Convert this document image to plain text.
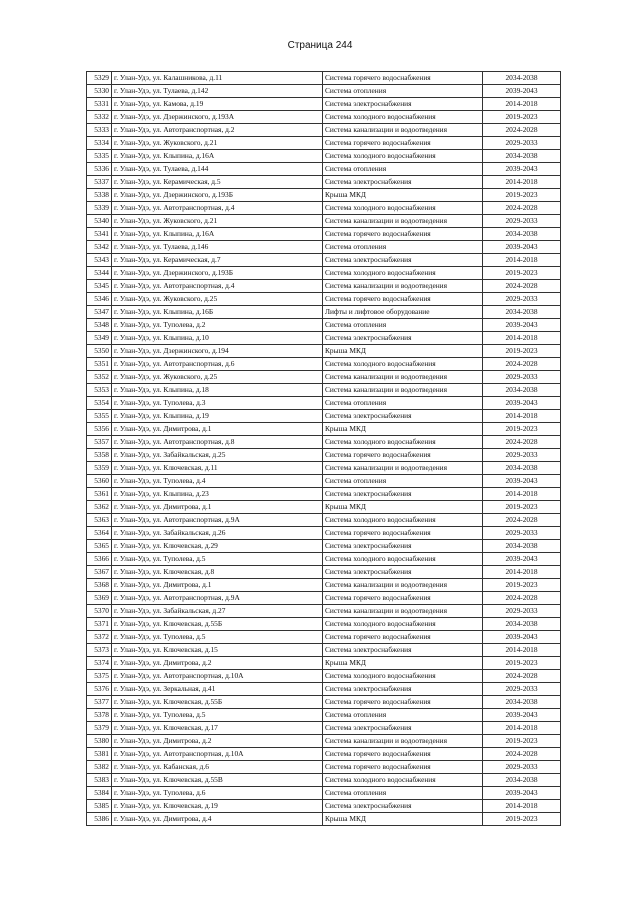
Страница 244
5329	г. Улан-Удэ, ул. Калашникова, д.11	Система горячего водоснабжения	2034-2038
5330	г. Улан-Удэ, ул. Тулаева, д.142	Система отопления	2039-2043
5331	г. Улан-Удэ, ул. Камова, д.19	Система электроснабжения	2014-2018
5332	г. Улан-Удэ, ул. Дзержинского, д.193А	Система холодного водоснабжения	2019-2023
5333	г. Улан-Удэ, ул. Автотранспортная, д.2	Система канализации и водоотведения	2024-2028
5334	г. Улан-Удэ, ул. Жуковского, д.21	Система горячего водоснабжения	2029-2033
5335	г. Улан-Удэ, ул. Клыпина, д.16А	Система холодного водоснабжения	2034-2038
5336	г. Улан-Удэ, ул. Тулаева, д.144	Система отопления	2039-2043
5337	г. Улан-Удэ, ул. Керамическая, д.5	Система электроснабжения	2014-2018
5338	г. Улан-Удэ, ул. Дзержинского, д.193Б	Крыша МКД	2019-2023
5339	г. Улан-Удэ, ул. Автотранспортная, д.4	Система холодного водоснабжения	2024-2028
5340	г. Улан-Удэ, ул. Жуковского, д.21	Система канализации и водоотведения	2029-2033
5341	г. Улан-Удэ, ул. Клыпина, д.16А	Система горячего водоснабжения	2034-2038
5342	г. Улан-Удэ, ул. Тулаева, д.146	Система отопления	2039-2043
5343	г. Улан-Удэ, ул. Керамическая, д.7	Система электроснабжения	2014-2018
5344	г. Улан-Удэ, ул. Дзержинского, д.193Б	Система холодного водоснабжения	2019-2023
5345	г. Улан-Удэ, ул. Автотранспортная, д.4	Система канализации и водоотведения	2024-2028
5346	г. Улан-Удэ, ул. Жуковского, д.25	Система горячего водоснабжения	2029-2033
5347	г. Улан-Удэ, ул. Клыпина, д.16Б	Лифты и лифтовое оборудование	2034-2038
5348	г. Улан-Удэ, ул. Туполева, д.2	Система отопления	2039-2043
5349	г. Улан-Удэ, ул. Клыпина, д.10	Система электроснабжения	2014-2018
5350	г. Улан-Удэ, ул. Дзержинского, д.194	Крыша МКД	2019-2023
5351	г. Улан-Удэ, ул. Автотранспортная, д.6	Система холодного водоснабжения	2024-2028
5352	г. Улан-Удэ, ул. Жуковского, д.25	Система канализации и водоотведения	2029-2033
5353	г. Улан-Удэ, ул. Клыпина, д.18	Система канализации и водоотведения	2034-2038
5354	г. Улан-Удэ, ул. Туполева, д.3	Система отопления	2039-2043
5355	г. Улан-Удэ, ул. Клыпина, д.19	Система электроснабжения	2014-2018
5356	г. Улан-Удэ, ул. Димитрова, д.1	Крыша МКД	2019-2023
5357	г. Улан-Удэ, ул. Автотранспортная, д.8	Система холодного водоснабжения	2024-2028
5358	г. Улан-Удэ, ул. Забайкальская, д.25	Система горячего водоснабжения	2029-2033
5359	г. Улан-Удэ, ул. Ключевская, д.11	Система канализации и водоотведения	2034-2038
5360	г. Улан-Удэ, ул. Туполева, д.4	Система отопления	2039-2043
5361	г. Улан-Удэ, ул. Клыпина, д.23	Система электроснабжения	2014-2018
5362	г. Улан-Удэ, ул. Димитрова, д.1	Крыша МКД	2019-2023
5363	г. Улан-Удэ, ул. Автотранспортная, д.9А	Система холодного водоснабжения	2024-2028
5364	г. Улан-Удэ, ул. Забайкальская, д.26	Система горячего водоснабжения	2029-2033
5365	г. Улан-Удэ, ул. Ключевская, д.29	Система электроснабжения	2034-2038
5366	г. Улан-Удэ, ул. Туполева, д.5	Система холодного водоснабжения	2039-2043
5367	г. Улан-Удэ, ул. Ключевская, д.8	Система электроснабжения	2014-2018
5368	г. Улан-Удэ, ул. Димитрова, д.1	Система канализации и водоотведения	2019-2023
5369	г. Улан-Удэ, ул. Автотранспортная, д.9А	Система горячего водоснабжения	2024-2028
5370	г. Улан-Удэ, ул. Забайкальская, д.27	Система канализации и водоотведения	2029-2033
5371	г. Улан-Удэ, ул. Ключевская, д.55Б	Система холодного водоснабжения	2034-2038
5372	г. Улан-Удэ, ул. Туполева, д.5	Система горячего водоснабжения	2039-2043
5373	г. Улан-Удэ, ул. Ключевская, д.15	Система электроснабжения	2014-2018
5374	г. Улан-Удэ, ул. Димитрова, д.2	Крыша МКД	2019-2023
5375	г. Улан-Удэ, ул. Автотранспортная, д.10А	Система холодного водоснабжения	2024-2028
5376	г. Улан-Удэ, ул. Зеркальная, д.41	Система электроснабжения	2029-2033
5377	г. Улан-Удэ, ул. Ключевская, д.55Б	Система горячего водоснабжения	2034-2038
5378	г. Улан-Удэ, ул. Туполева, д.5	Система отопления	2039-2043
5379	г. Улан-Удэ, ул. Ключевская, д.17	Система электроснабжения	2014-2018
5380	г. Улан-Удэ, ул. Димитрова, д.2	Система канализации и водоотведения	2019-2023
5381	г. Улан-Удэ, ул. Автотранспортная, д.10А	Система горячего водоснабжения	2024-2028
5382	г. Улан-Удэ, ул. Кабанская, д.6	Система горячего водоснабжения	2029-2033
5383	г. Улан-Удэ, ул. Ключевская, д.55В	Система холодного водоснабжения	2034-2038
5384	г. Улан-Удэ, ул. Туполева, д.6	Система отопления	2039-2043
5385	г. Улан-Удэ, ул. Ключевская, д.19	Система электроснабжения	2014-2018
5386	г. Улан-Удэ, ул. Димитрова, д.4	Крыша МКД	2019-2023
